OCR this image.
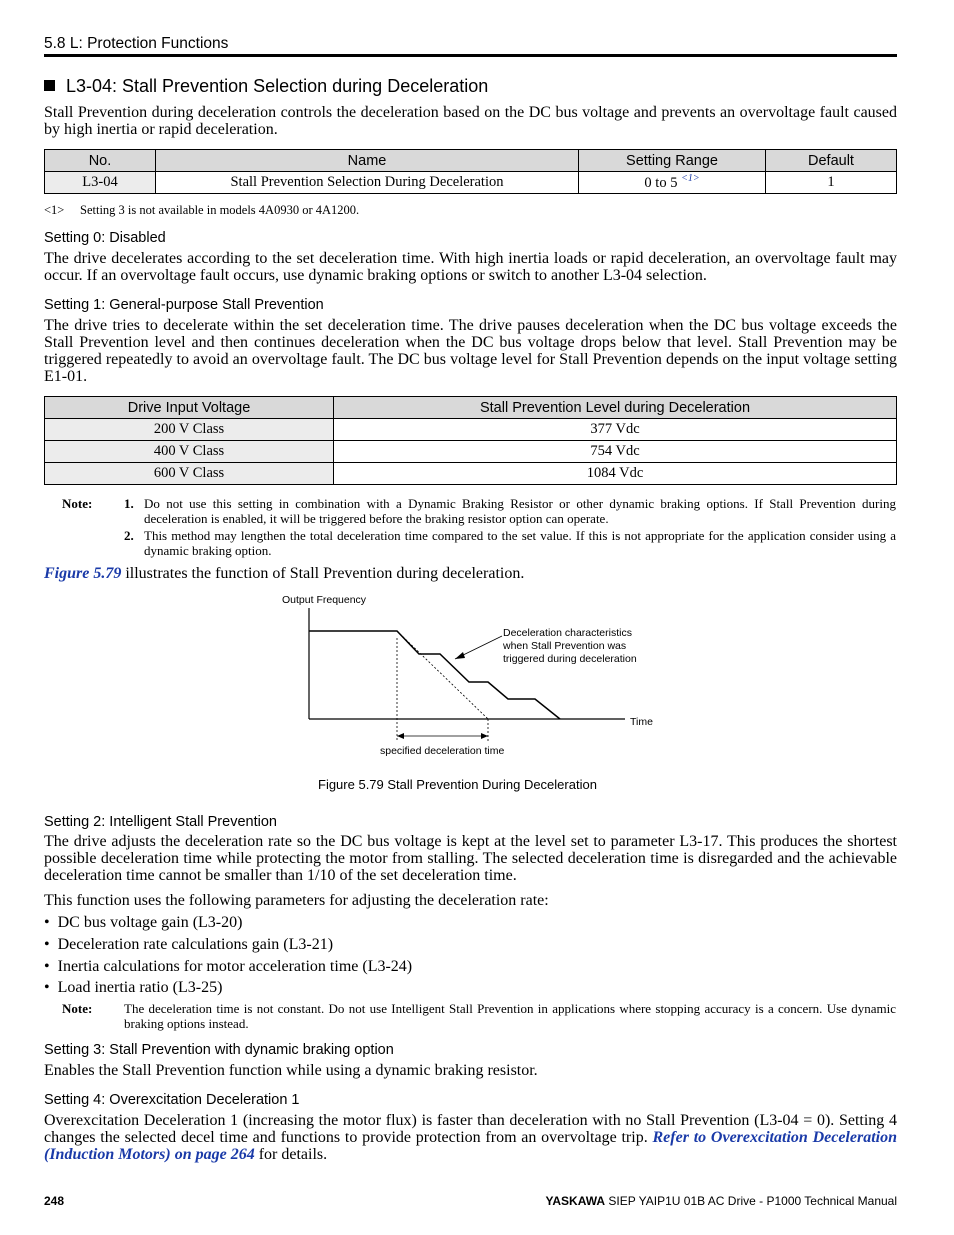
5.8 L: Protection Functions
L3-04: Stall Prevention Selection during Deceleration
Stall Prevention during deceleration controls the deceleration based on the DC bus voltage and prevents an overvoltage fault caused by high inertia or rapid deceleration.
No.	Name	Setting Range	Default
L3-04	Stall Prevention Selection During Deceleration	0 to 5 $^{<1>}$	1
<1> Setting 3 is not available in models 4A0930 or 4A1200.
Setting 0: Disabled
The drive decelerates according to the set deceleration time. With high inertia loads or rapid deceleration, an overvoltage fault may occur. If an overvoltage fault occurs, use dynamic braking options or switch to another L3-04 selection.
Setting 1: General-purpose Stall Prevention
The drive tries to decelerate within the set deceleration time. The drive pauses deceleration when the DC bus voltage exceeds the Stall Prevention level and then continues deceleration when the DC bus voltage drops below that level. Stall Prevention may be triggered repeatedly to avoid an overvoltage fault. The DC bus voltage level for Stall Prevention depends on the input voltage setting E1-01.
Drive Input Voltage	Stall Prevention Level during Deceleration
200 V Class	377 Vdc
400 V Class	754 Vdc
600 V Class	1084 Vdc
Note: 1. Do not use this setting in combination with a Dynamic Braking Resistor or other dynamic braking options. If Stall Prevention during deceleration is enabled, it will be triggered before the braking resistor option can operate.
2. This method may lengthen the total deceleration time compared to the set value. If this is not appropriate for the application consider using a dynamic braking option.
Figure 5.79 illustrates the function of Stall Prevention during deceleration.
Output Frequency
Time
specified deceleration time
Deceleration characteristics
when Stall Prevention was
triggered during deceleration
Figure 5.79 Stall Prevention During Deceleration
Setting 2: Intelligent Stall Prevention
The drive adjusts the deceleration rate so the DC bus voltage is kept at the level set to parameter L3-17. This produces the shortest possible deceleration time while protecting the motor from stalling. The selected deceleration time is disregarded and the achievable deceleration time cannot be smaller than 1/10 of the set deceleration time.
This function uses the following parameters for adjusting the deceleration rate:
•  DC bus voltage gain (L3-20)
•  Deceleration rate calculations gain (L3-21)
•  Inertia calculations for motor acceleration time (L3-24)
•  Load inertia ratio (L3-25)
Note: The deceleration time is not constant. Do not use Intelligent Stall Prevention in applications where stopping accuracy is a concern. Use dynamic braking options instead.
Setting 3: Stall Prevention with dynamic braking option
Enables the Stall Prevention function while using a dynamic braking resistor.
Setting 4: Overexcitation Deceleration 1
Overexcitation Deceleration 1 (increasing the motor flux) is faster than deceleration with no Stall Prevention (L3-04 = 0). Setting 4 changes the selected decel time and functions to provide protection from an overvoltage trip. Refer to Overexcitation Deceleration (Induction Motors) on page 264 for details.
248	YASKAWA SIEP YAIP1U 01B AC Drive - P1000 Technical Manual
